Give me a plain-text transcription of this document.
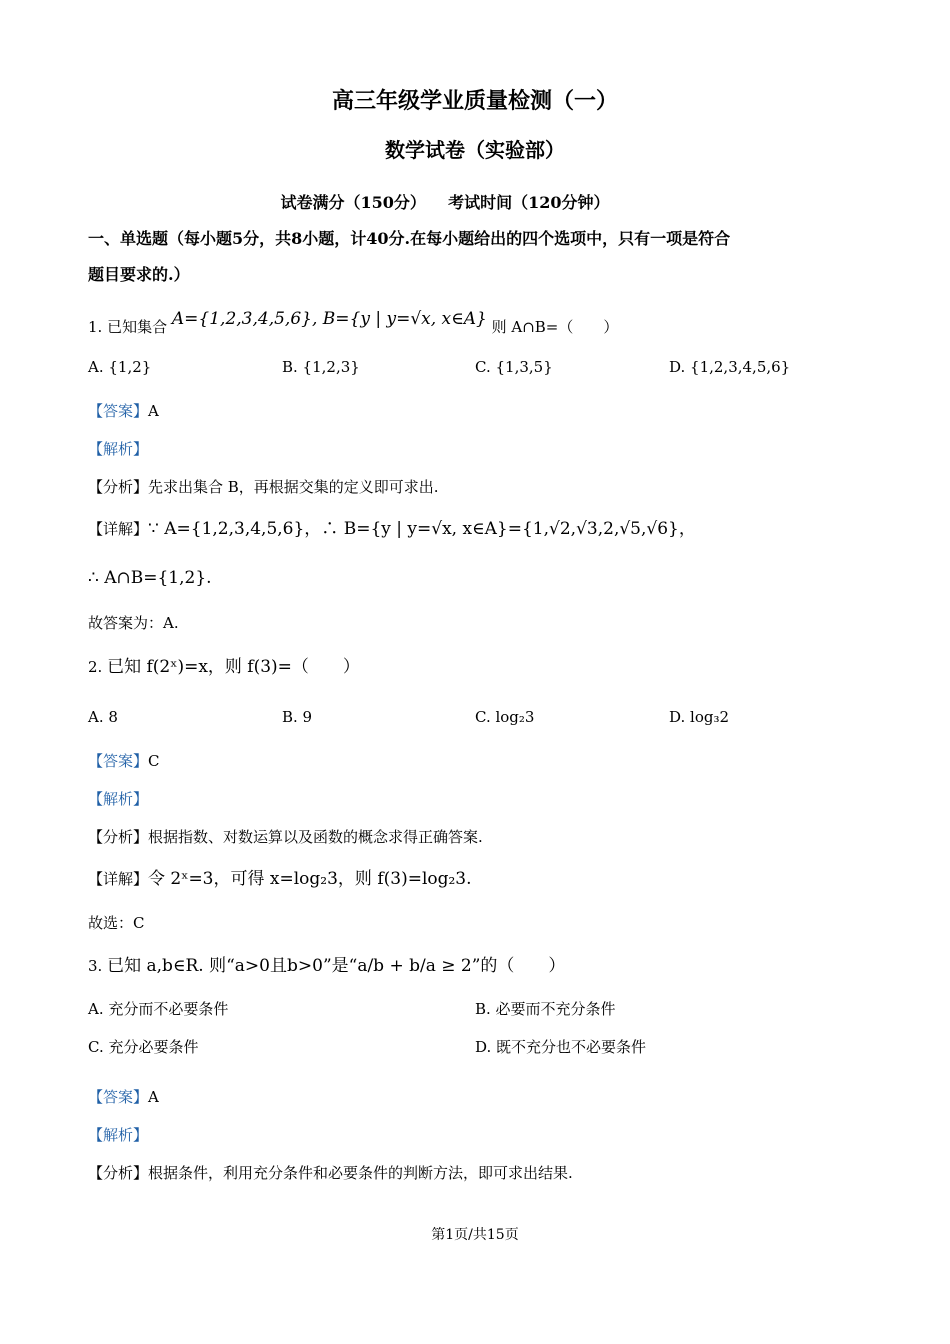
高三年级学业质量检测（一）
数学试卷（实验部）
试卷满分（150分）    考试时间（120分钟）
一、单选题（每小题5分，共8小题，计40分.在每小题给出的四个选项中，只有一项是符合
题目要求的.）
1. 已知集合 A={1,2,3,4,5,6}, B={y | y=√x, x∈A} 则 A∩B=（　　）
A. {1,2}	B. {1,2,3}	C. {1,3,5}	D. {1,2,3,4,5,6}
【答案】A
【解析】
【分析】先求出集合 B，再根据交集的定义即可求出.
【详解】∵ A={1,2,3,4,5,6}，∴ B={y | y=√x, x∈A}={1,√2,√3,2,√5,√6}，
∴ A∩B={1,2}.
故答案为：A.
2. 已知 f(2ˣ)=x，则 f(3)=（　　）
A. 8	B. 9	C. log₂3	D. log₃2
【答案】C
【解析】
【分析】根据指数、对数运算以及函数的概念求得正确答案.
【详解】令 2ˣ=3，可得 x=log₂3，则 f(3)=log₂3.
故选：C
3. 已知 a,b∈R. 则“a>0且b>0”是“a/b + b/a ≥ 2”的（　　）
A. 充分而不必要条件	B. 必要而不充分条件
C. 充分必要条件	D. 既不充分也不必要条件
【答案】A
【解析】
【分析】根据条件，利用充分条件和必要条件的判断方法，即可求出结果.
第1页/共15页
